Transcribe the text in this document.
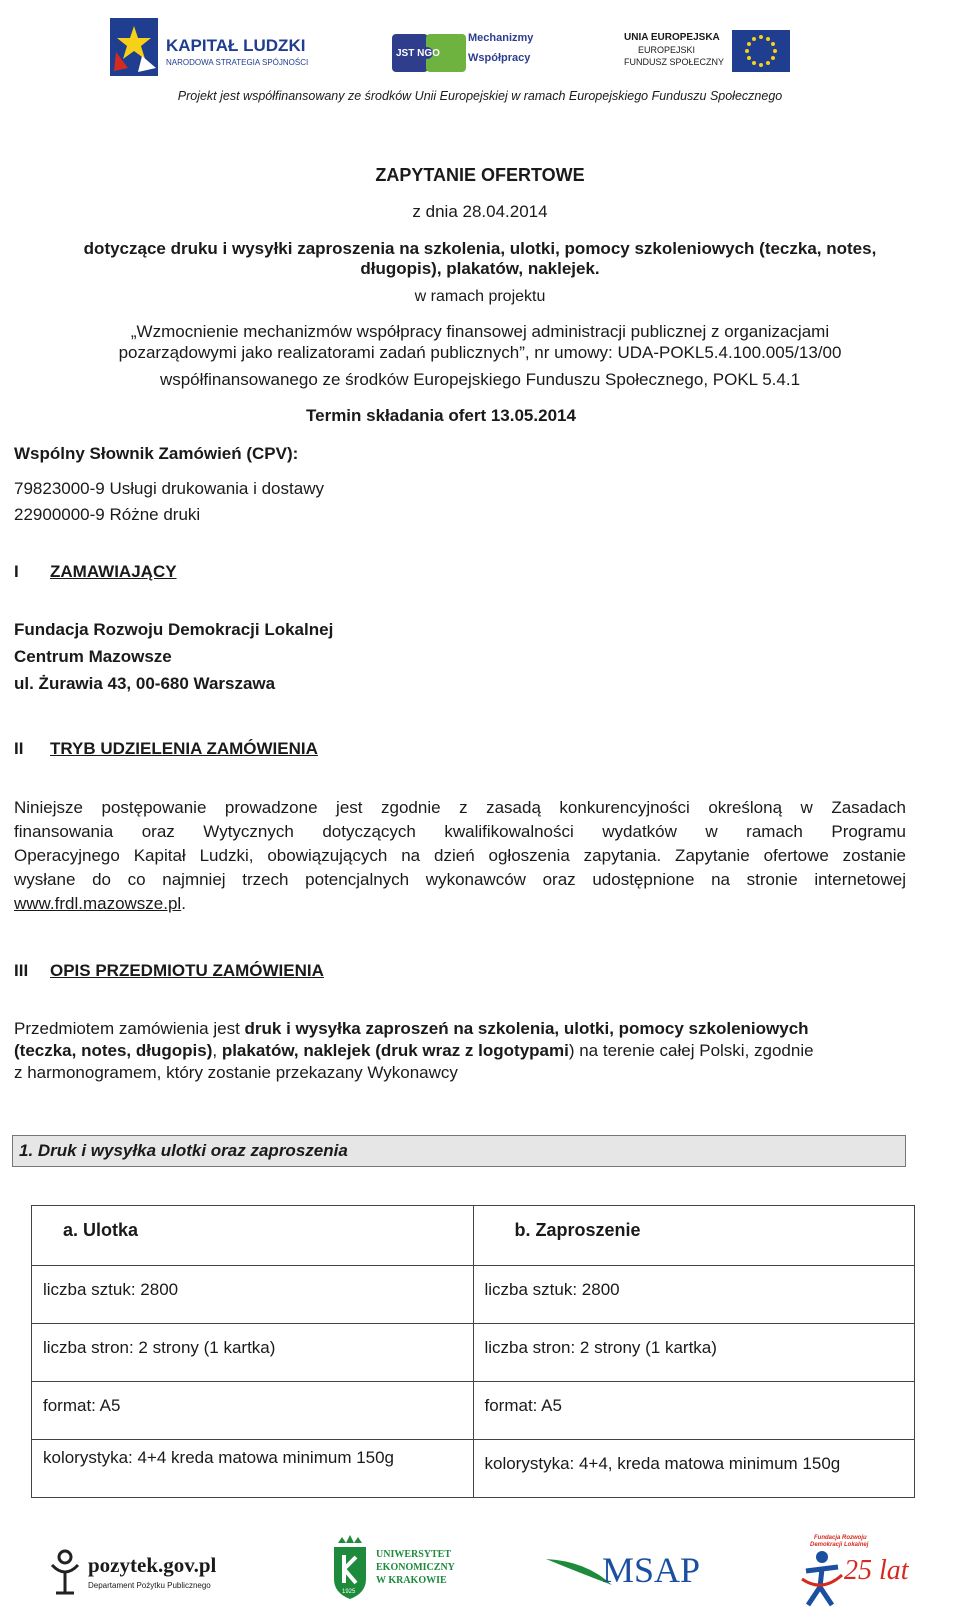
KAPITAŁ LUDZKI
NARODOWA STRATEGIA SPÓJNOŚCI
JST NGO
Mechanizmy
Współpracy
UNIA EUROPEJSKA
EUROPEJSKI
FUNDUSZ SPOŁECZNY
Projekt jest współfinansowany ze środków Unii Europejskiej w ramach Europejskiego Funduszu Społecznego
ZAPYTANIE OFERTOWE
z dnia 28.04.2014
dotyczące druku i wysyłki zaproszenia na szkolenia, ulotki, pomocy szkoleniowych (teczka, notes,
długopis), plakatów, naklejek.
w ramach projektu
„Wzmocnienie mechanizmów współpracy finansowej administracji publicznej z organizacjami
pozarządowymi jako realizatorami zadań publicznych”, nr umowy: UDA-POKL5.4.100.005/13/00
współfinansowanego ze środków Europejskiego Funduszu Społecznego, POKL 5.4.1
Termin składania ofert 13.05.2014
Wspólny Słownik Zamówień (CPV):
79823000-9 Usługi drukowania i dostawy
22900000-9 Różne druki
I ZAMAWIAJĄCY
Fundacja Rozwoju Demokracji Lokalnej
Centrum Mazowsze
ul. Żurawia 43, 00-680 Warszawa
II TRYB UDZIELENIA ZAMÓWIENIA
Niniejsze postępowanie prowadzone jest zgodnie z zasadą konkurencyjności określoną w Zasadach
finansowania oraz Wytycznych dotyczących kwalifikowalności wydatków w ramach Programu
Operacyjnego Kapitał Ludzki, obowiązujących na dzień ogłoszenia zapytania. Zapytanie ofertowe zostanie
wysłane do co najmniej trzech potencjalnych wykonawców oraz udostępnione na stronie internetowej
www.frdl.mazowsze.pl.
III OPIS PRZEDMIOTU ZAMÓWIENIA
Przedmiotem zamówienia jest druk i wysyłka zaproszeń na szkolenia, ulotki, pomocy szkoleniowych
(teczka, notes, długopis), plakatów, naklejek (druk wraz z logotypami) na terenie całej Polski, zgodnie
z harmonogramem, który zostanie przekazany Wykonawcy
1. Druk i wysyłka ulotki oraz zaproszenia
a. Ulotka	b. Zaproszenie
liczba sztuk: 2800	liczba sztuk: 2800
liczba stron: 2 strony (1 kartka)	liczba stron: 2 strony (1 kartka)
format: A5	format: A5
kolorystyka: 4+4 kreda matowa minimum 150g	kolorystyka: 4+4, kreda matowa minimum 150g
pozytek.gov.pl
Departament Pożytku Publicznego
1925
UNIWERSYTET
EKONOMICZNY
W KRAKOWIE	MSAP
Fundacja Rozwoju
Demokracji Lokalnej
25 lat
